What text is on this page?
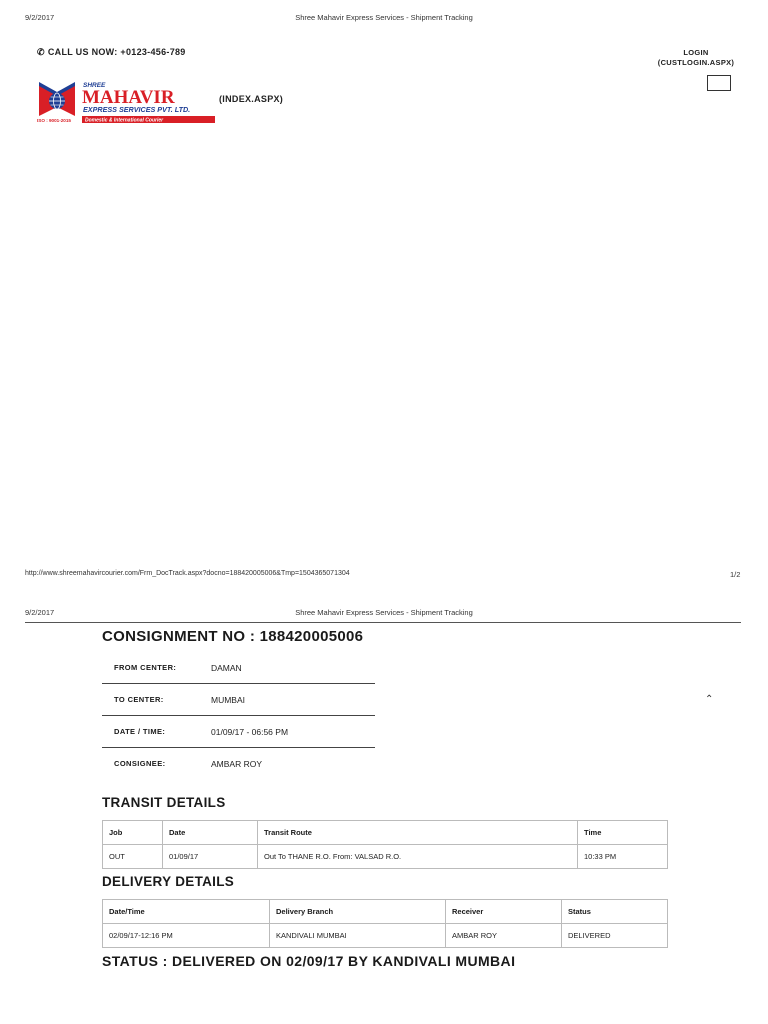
9/2/2017	Shree Mahavir Express Services - Shipment Tracking
✆ CALL US NOW: +0123-456-789	LOGIN
(CUSTLOGIN.ASPX)
SHREE
MAHAVIR
EXPRESS SERVICES PVT. LTD.
ISO : 9001-2015	Domestic & International Courier
(INDEX.ASPX)
http://www.shreemahavircourier.com/Frm_DocTrack.aspx?docno=188420005006&Tmp=1504365071304	1/2
9/2/2017	Shree Mahavir Express Services - Shipment Tracking
CONSIGNMENT NO : 188420005006
FROM CENTER:	DAMAN
TO CENTER:	MUMBAI
DATE / TIME:	01/09/17 - 06:56 PM
CONSIGNEE:	AMBAR ROY
⌃
TRANSIT DETAILS
Job	Date	Transit Route	Time
OUT	01/09/17	Out To THANE R.O. From: VALSAD R.O.	10:33 PM
DELIVERY DETAILS
Date/Time	Delivery Branch	Receiver	Status
02/09/17-12:16 PM	KANDIVALI MUMBAI	AMBAR ROY	DELIVERED
STATUS : DELIVERED ON 02/09/17 BY KANDIVALI MUMBAI
